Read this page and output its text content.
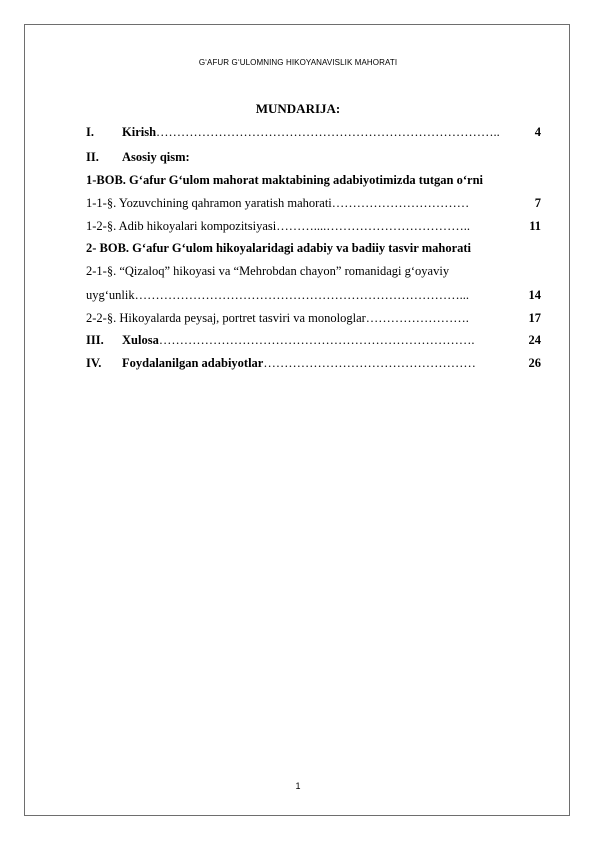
G‘AFUR G‘ULOMNING HIKOYANAVISLIK MAHORATI
MUNDARIJA:
I.	Kirish ………………………………………………………………………..	4
II.	Asosiy qism:
1-BOB. G‘afur G‘ulom mahorat maktabining adabiyotimizda tutgan o‘rni
1-1-§. Yozuvchining qahramon yaratish mahorati ……………………………	7
1-2-§. Adib hikoyalari kompozitsiyasi ………....……………………………..	11
2- BOB. G‘afur G‘ulom hikoyalaridagi adabiy va badiiy tasvir mahorati
2-1-§. “Qizaloq” hikoyasi va “Mehrobdan chayon” romanidagi g‘oyaviy
uyg‘unlik ……………………………………………………………………...	14
2-2-§. Hikoyalarda peysaj, portret tasviri va monologlar …………………….	17
III.	Xulosa ………………………………………………………………….	24
IV.	Foydalanilgan adabiyotlar ……………………………………………	26
1
